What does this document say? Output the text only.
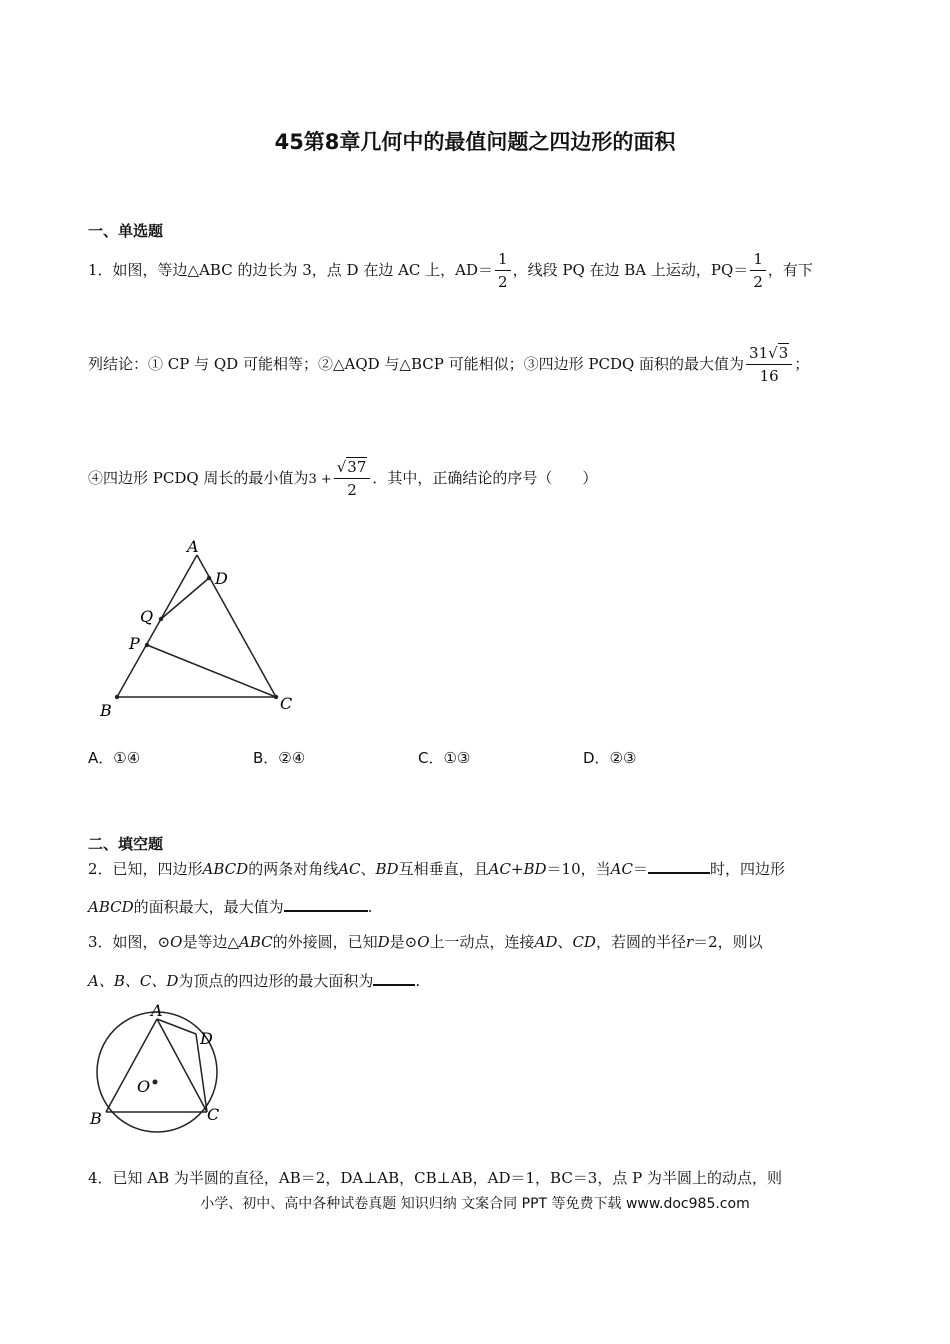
45第8章几何中的最值问题之四边形的面积
一、单选题
1．如图，等边△ABC 的边长为 3，点 D 在边 AC 上，$AD= \frac{1}{2}$ ，线段 PQ 在边 BA 上运动，$PQ= \frac{1}{2}$ ，有下
列结论：① CP 与 QD 可能相等；②△AQD 与△BCP 可能相似；③四边形 PCDQ 面积的最大值为 $\frac{31√3}{16}$ ；
④四边形 PCDQ 周长的最小值为$3 + \frac{√37}{2}$ ．其中，正确结论的序号（　　）
A
D
Q
P
B	C
A．①④	B．②④	C．①③	D．②③
二、填空题
2．已知，四边形ABCD的两条对角线AC、BD互相垂直，且AC+BD＝10，当AC＝	时，四边形
ABCD的面积最大，最大值为	.
3．如图，⊙O是等边△ABC的外接圆，已知D是⊙O上一动点，连接AD、CD，若圆的半径r＝2，则以
A、B、C、D为顶点的四边形的最大面积为	.
A
D
O
B	C
4．已知 AB 为半圆的直径，AB＝2，DA⊥AB，CB⊥AB，AD＝1，BC＝3，点 P 为半圆上的动点，则
小学、初中、高中各种试卷真题 知识归纳 文案合同 PPT 等免费下载 www.doc985.com
